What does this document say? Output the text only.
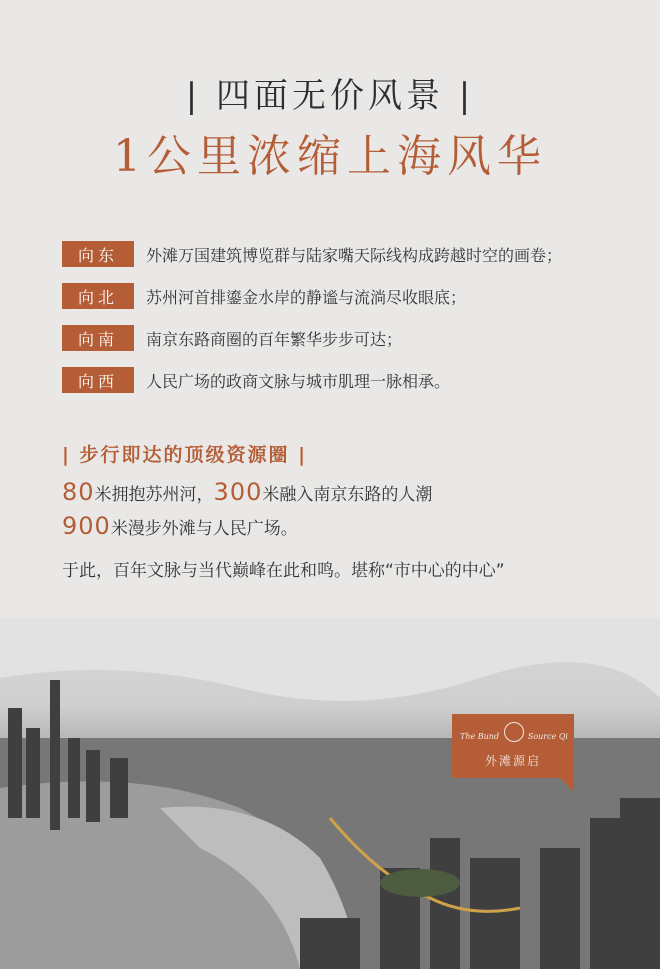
| 四面无价风景 |
1公里浓缩上海风华
向东	外滩万国建筑博览群与陆家嘴天际线构成跨越时空的画卷；
向北	苏州河首排鎏金水岸的静谧与流淌尽收眼底；
向南	南京东路商圈的百年繁华步步可达；
向西	人民广场的政商文脉与城市肌理一脉相承。
| 步行即达的顶级资源圈 |
80米拥抱苏州河，300米融入南京东路的人潮
900米漫步外滩与人民广场。
于此，百年文脉与当代巅峰在此和鸣。堪称“市中心的中心”
The Bund	Source Qi
外滩源启
